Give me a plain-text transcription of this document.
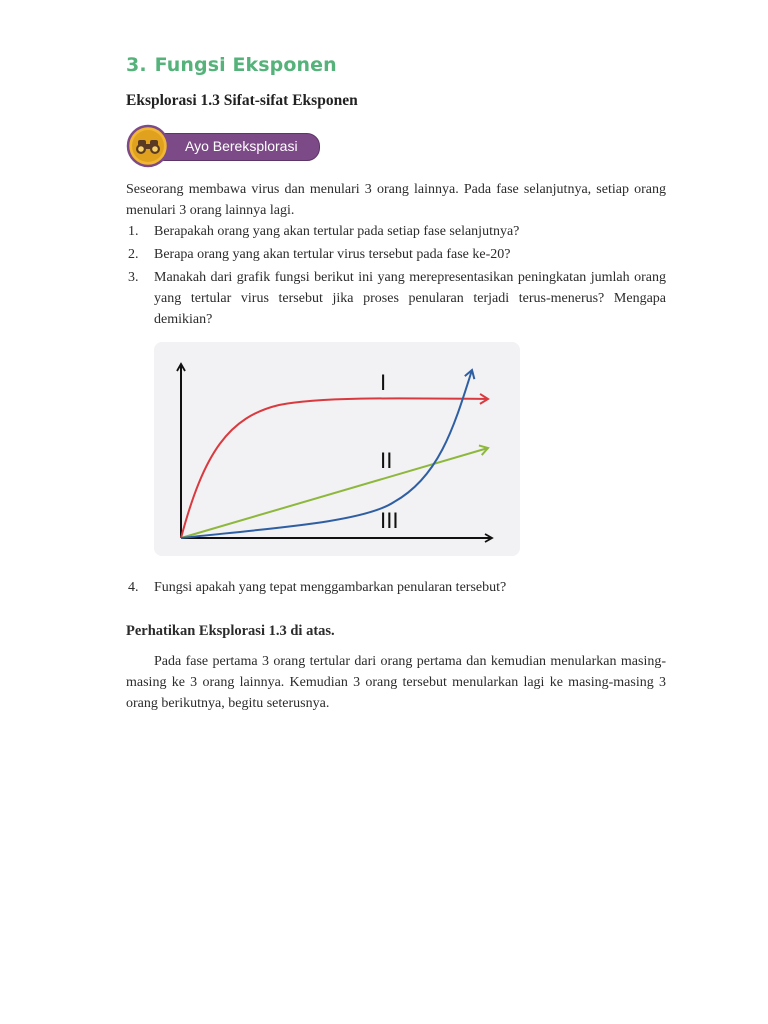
3. Fungsi Eksponen
Eksplorasi 1.3 Sifat-sifat Eksponen
Ayo Bereksplorasi

Seseorang membawa virus dan menulari 3 orang lainnya. Pada fase selanjutnya, setiap orang menulari 3 orang lainnya lagi.

1. Berapakah orang yang akan tertular pada setiap fase selanjutnya?
2. Berapa orang yang akan tertular virus tersebut pada fase ke-20?
3. Manakah dari grafik fungsi berikut ini yang merepresentasikan peningkatan jumlah orang yang tertular virus tersebut jika proses penularan terjadi terus-menerus? Mengapa demikian?
I
II
III
4. Fungsi apakah yang tepat menggambarkan penularan tersebut?
Perhatikan Eksplorasi 1.3 di atas.

Pada fase pertama 3 orang tertular dari orang pertama dan kemudian menularkan masing-masing ke 3 orang lainnya. Kemudian 3 orang tersebut menularkan lagi ke masing-masing 3 orang berikutnya, begitu seterusnya.
